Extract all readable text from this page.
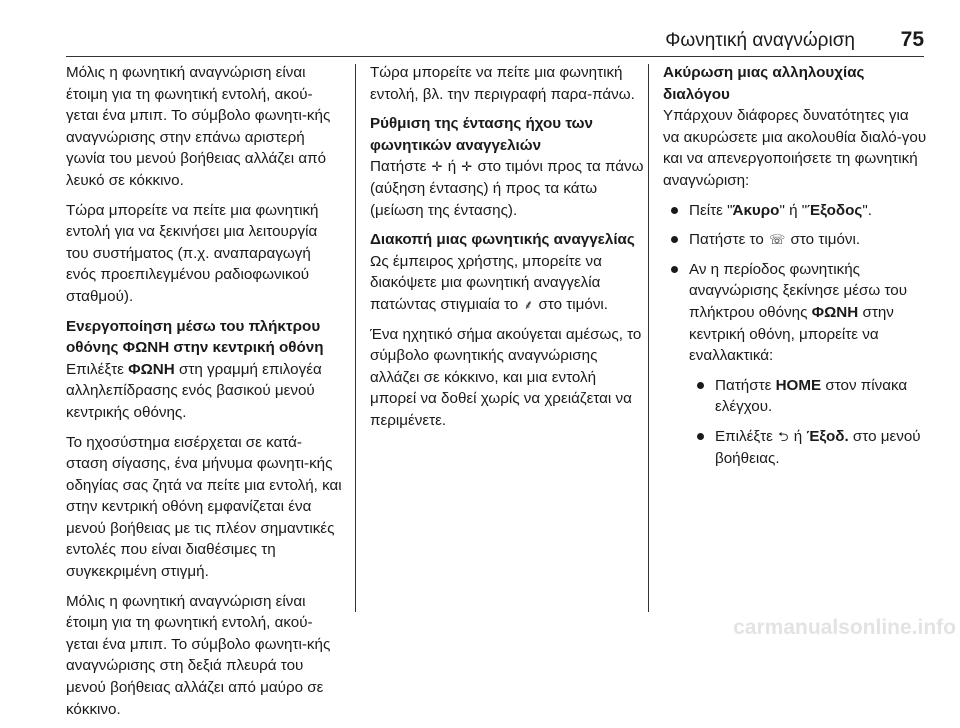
Φωνητική αναγνώριση 75

Μόλις η φωνητική αναγνώριση είναι έτοιμη για τη φωνητική εντολή, ακού-γεται ένα μπιπ. Το σύμβολο φωνητι-κής αναγνώρισης στην επάνω αριστερή γωνία του μενού βοήθειας αλλάζει από λευκό σε κόκκινο.

Τώρα μπορείτε να πείτε μια φωνητική εντολή για να ξεκινήσει μια λειτουργία του συστήματος (π.χ. αναπαραγωγή ενός προεπιλεγμένου ραδιοφωνικού σταθμού).

Ενεργοποίηση μέσω του πλήκτρου οθόνης ΦΩΝΗ στην κεντρική οθόνη

Επιλέξτε ΦΩΝΗ στη γραμμή επιλογέα αλληλεπίδρασης ενός βασικού μενού κεντρικής οθόνης.

Το ηχοσύστημα εισέρχεται σε κατά-σταση σίγασης, ένα μήνυμα φωνητι-κής οδηγίας σας ζητά να πείτε μια εντολή, και στην κεντρική οθόνη εμφανίζεται ένα μενού βοήθειας με τις πλέον σημαντικές εντολές που είναι διαθέσιμες τη συγκεκριμένη στιγμή.

Μόλις η φωνητική αναγνώριση είναι έτοιμη για τη φωνητική εντολή, ακού-γεται ένα μπιπ. Το σύμβολο φωνητι-κής αναγνώρισης στη δεξιά πλευρά του μενού βοήθειας αλλάζει από μαύρο σε κόκκινο.

Τώρα μπορείτε να πείτε μια φωνητική εντολή, βλ. την περιγραφή παρα-πάνω.

Ρύθμιση της έντασης ήχου των φωνητικών αναγγελιών

Πατήστε ✛ ή ✛ στο τιμόνι προς τα πάνω (αύξηση έντασης) ή προς τα κάτω (μείωση της έντασης).

Διακοπή μιας φωνητικής αναγγελίας

Ως έμπειρος χρήστης, μπορείτε να διακόψετε μια φωνητική αναγγελία πατώντας στιγμιαία το ⸙ στο τιμόνι.

Ένα ηχητικό σήμα ακούγεται αμέσως, το σύμβολο φωνητικής αναγνώρισης αλλάζει σε κόκκινο, και μια εντολή μπορεί να δοθεί χωρίς να χρειάζεται να περιμένετε.

Ακύρωση μιας αλληλουχίας διαλόγου

Υπάρχουν διάφορες δυνατότητες για να ακυρώσετε μια ακολουθία διαλό-γου και να απενεργοποιήσετε τη φωνητική αναγνώριση:

Πείτε "Άκυρο" ή "Έξοδος".
Πατήστε το ☏ στο τιμόνι.
Αν η περίοδος φωνητικής αναγνώρισης ξεκίνησε μέσω του πλήκτρου οθόνης ΦΩΝΗ στην κεντρική οθόνη, μπορείτε να εναλλακτικά:
Πατήστε HOME στον πίνακα ελέγχου.
Επιλέξτε ⮌ ή Έξοδ. στο μενού βοήθειας.
carmanualsonline.info
